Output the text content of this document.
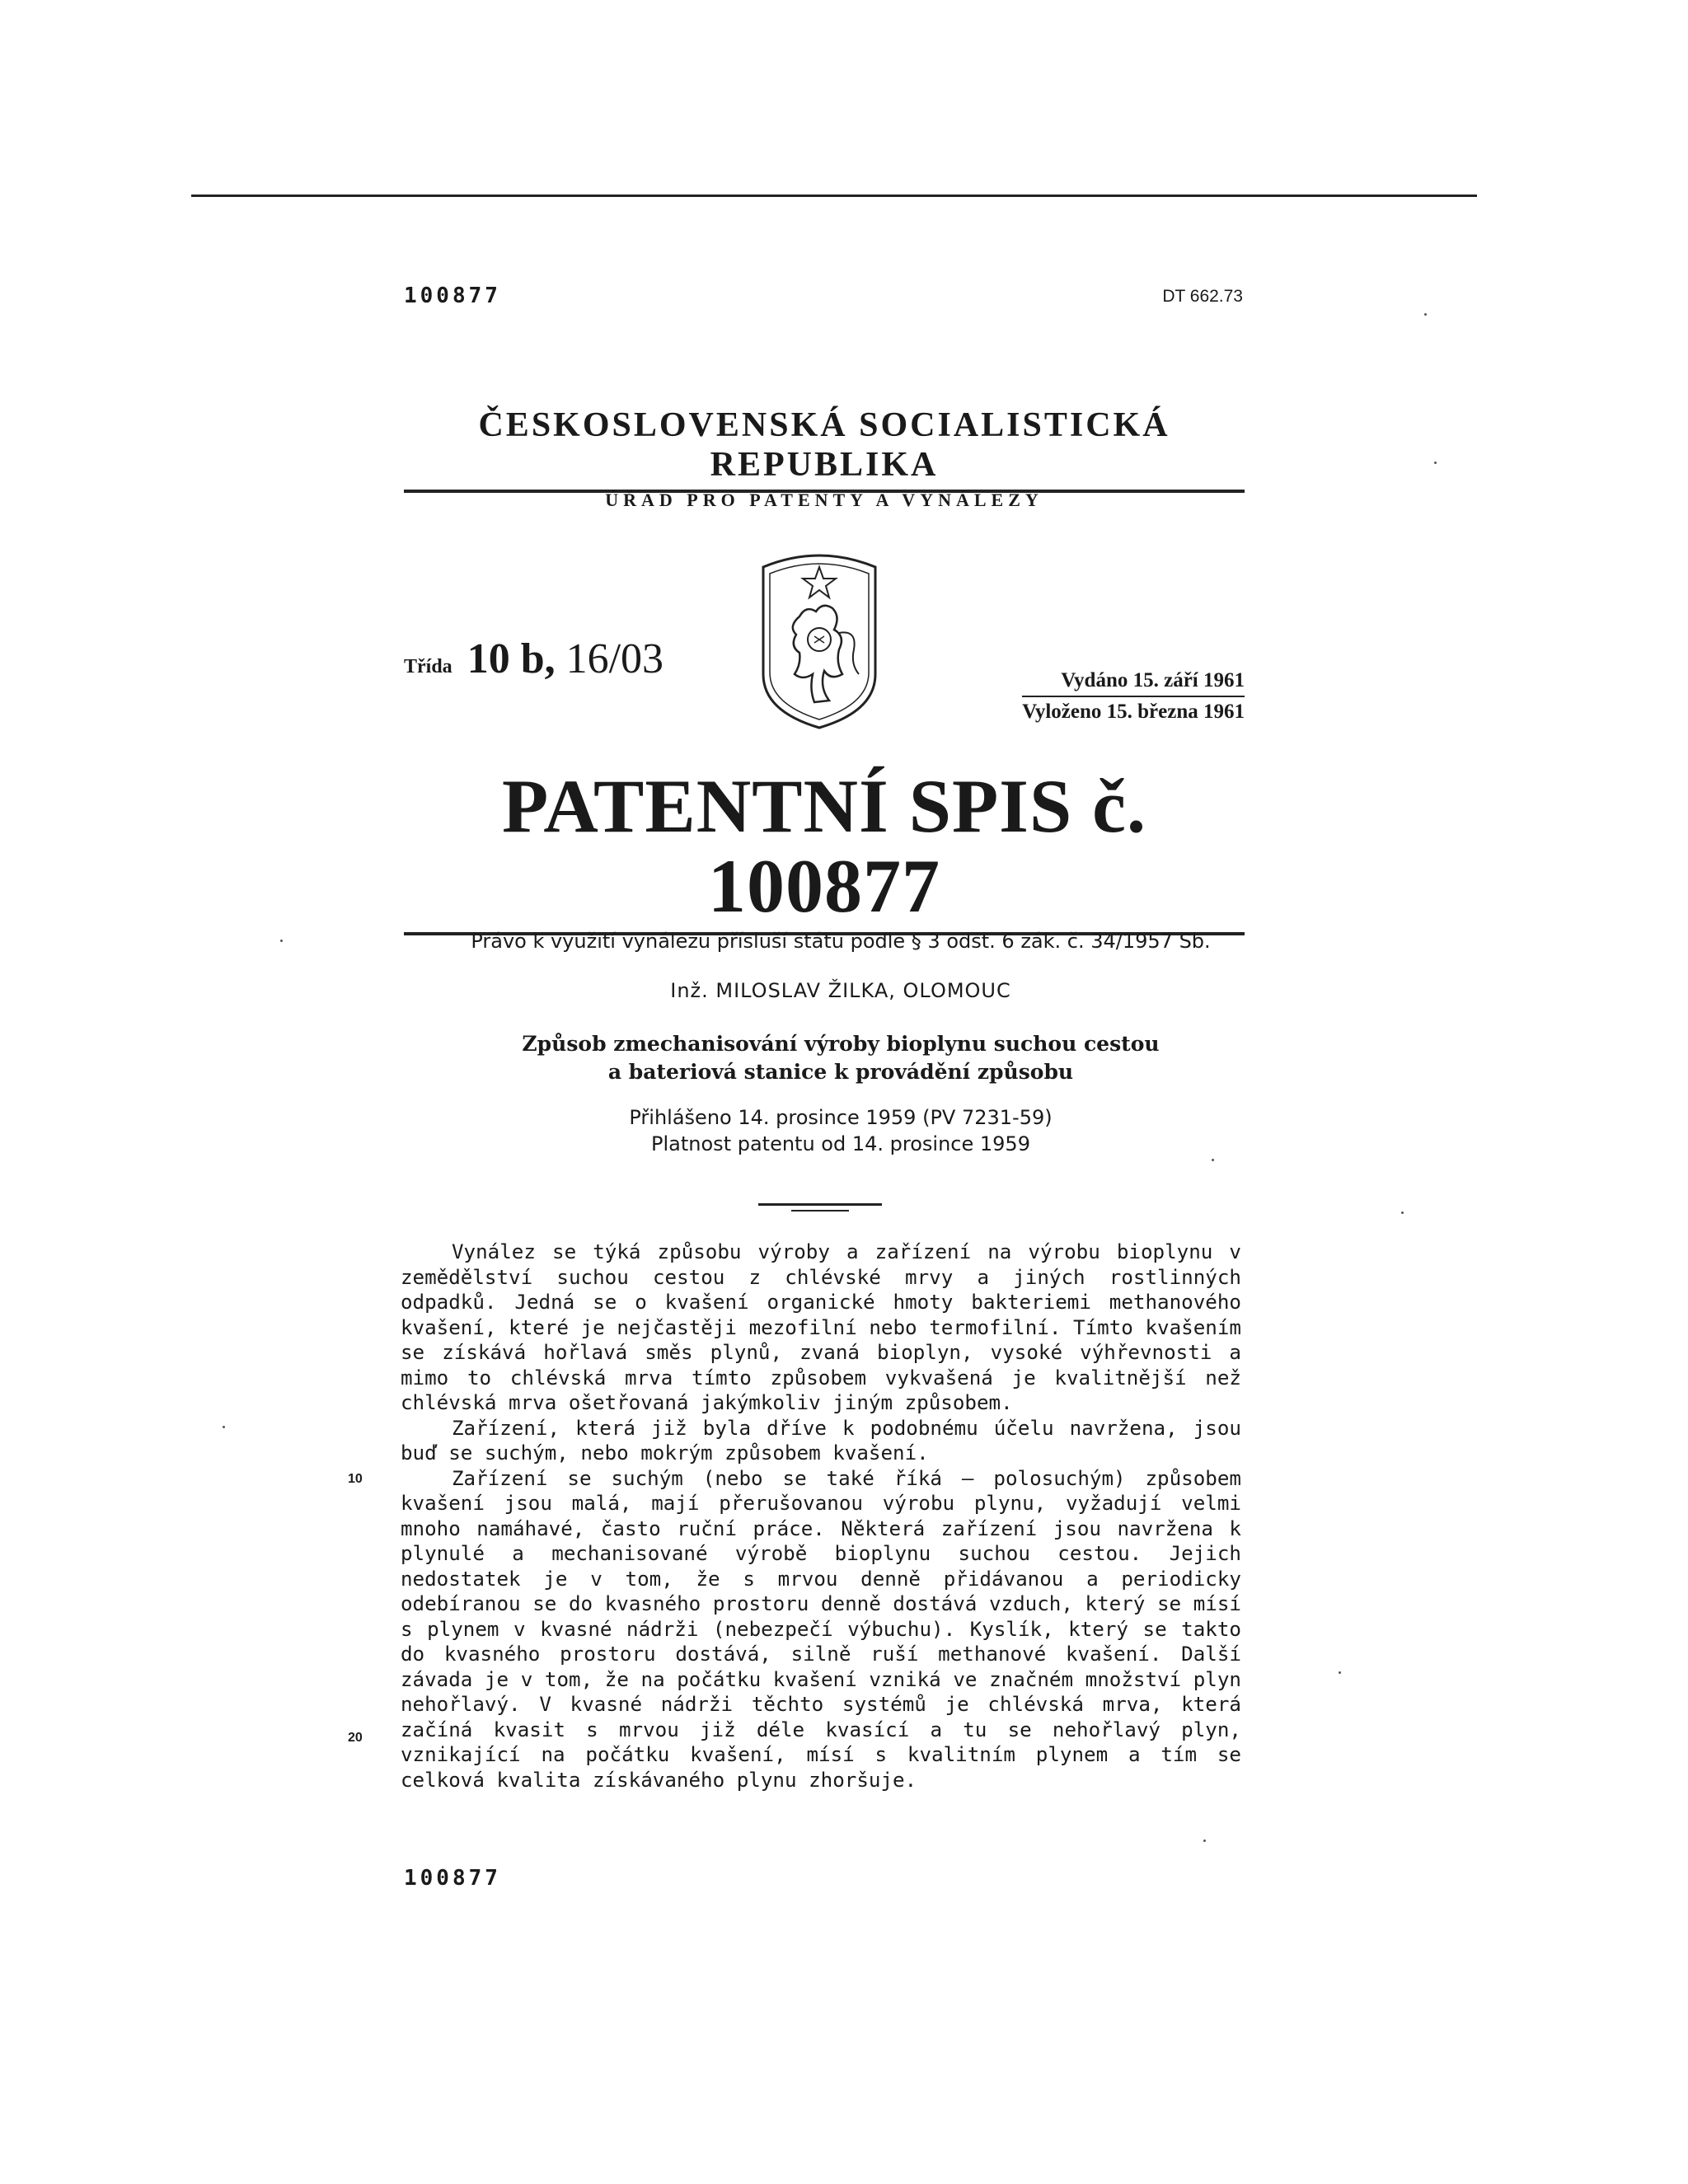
100877	DT 662.73
ČESKOSLOVENSKÁ SOCIALISTICKÁ REPUBLIKA
ÚŘAD PRO PATENTY A VYNÁLEZY
Třída 10 b, 16/03	Vydáno 15. září 1961
Vyloženo 15. března 1961
PATENTNÍ SPIS č. 100877
Právo k využití vynálezu přísluší státu podle § 3 odst. 6 zák. č. 34/1957 Sb.
Inž. MILOSLAV ŽILKA, OLOMOUC
Způsob zmechanisování výroby bioplynu suchou cestou
a bateriová stanice k provádění způsobu
Přihlášeno 14. prosince 1959 (PV 7231-59)
Platnost patentu od 14. prosince 1959

Vynález se týká způsobu výroby a zařízení na výrobu bioplynu v zemědělství suchou cestou z chlévské mrvy a jiných rostlinných odpadků. Jedná se o kvašení organické hmoty bakteriemi methanového kvašení, které je nejčastěji mezofilní nebo termofilní. Tímto kvašením se získává hořlavá směs plynů, zvaná bioplyn, vysoké výhřevnosti a mimo to chlévská mrva tímto způsobem vykvašená je kvalitnější než chlévská mrva ošetřovaná jakýmkoliv jiným způsobem.

Zařízení, která již byla dříve k podobnému účelu navržena, jsou buď se suchým, nebo mokrým způsobem kvašení.

Zařízení se suchým (nebo se také říká — polosuchým) způsobem kvašení jsou malá, mají přerušovanou výrobu plynu, vyžadují velmi mnoho namáhavé, často ruční práce. Některá zařízení jsou navržena k plynulé a mechanisované výrobě bioplynu suchou cestou. Jejich nedostatek je v tom, že s mrvou denně přidávanou a periodicky odebíranou se do kvasného prostoru denně dostává vzduch, který se mísí s plynem v kvasné nádrži (nebezpečí výbuchu). Kyslík, který se takto do kvasného prostoru dostává, silně ruší methanové kvašení. Další závada je v tom, že na počátku kvašení vzniká ve značném množství plyn nehořlavý. V kvasné nádrži těchto systémů je chlévská mrva, která začíná kvasit s mrvou již déle kvasící a tu se nehořlavý plyn, vznikající na počátku kvašení, mísí s kvalitním plynem a tím se celková kvalita získávaného plynu zhoršuje.

10
20
100877
